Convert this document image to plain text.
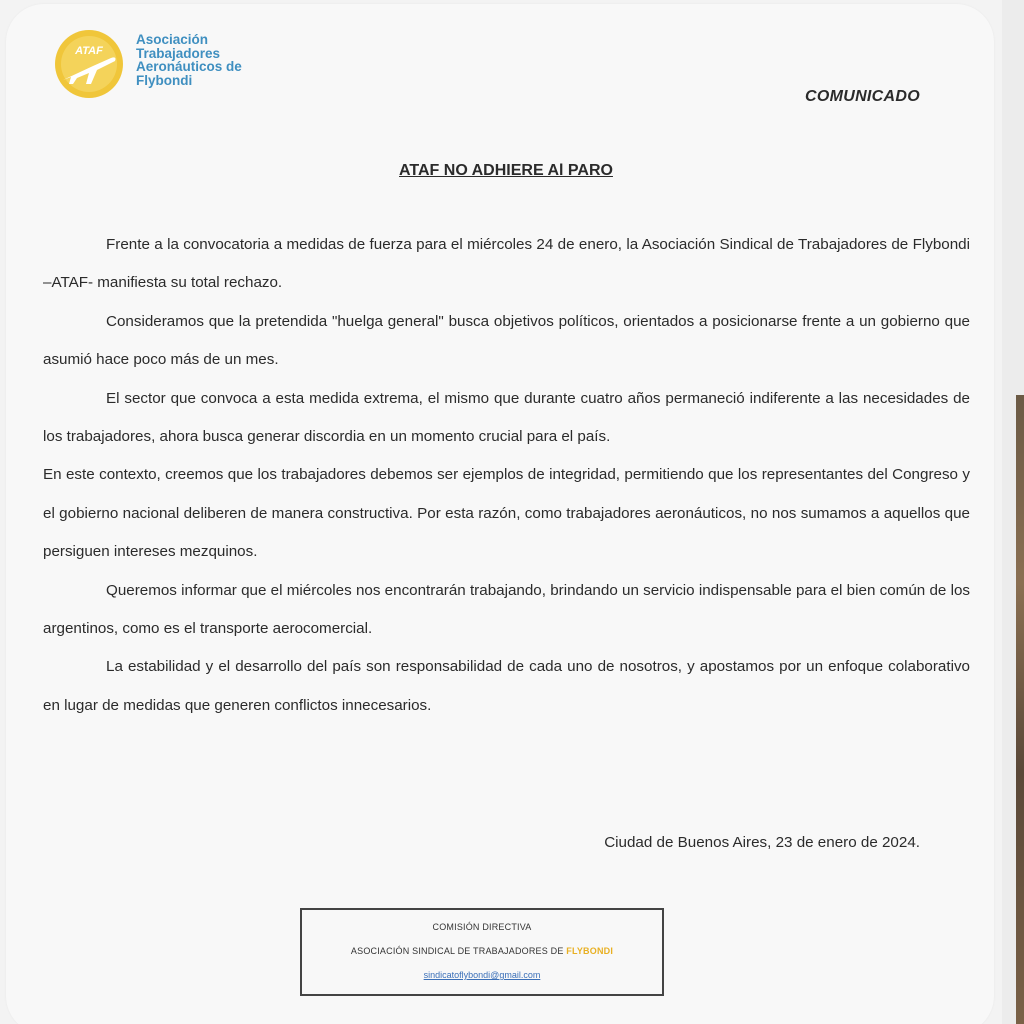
ATAF
Asociación
Trabajadores
Aeronáuticos de
Flybondi
COMUNICADO
ATAF NO ADHIERE Al PARO

Frente a la convocatoria a medidas de fuerza para el miércoles 24 de enero, la Asociación Sindical de Trabajadores de Flybondi –ATAF- manifiesta su total rechazo.

Consideramos que la pretendida "huelga general" busca objetivos políticos, orientados a posicionarse frente a un gobierno que asumió hace poco más de un mes.

El sector que convoca a esta medida extrema, el mismo que durante cuatro años permaneció indiferente a las necesidades de los trabajadores, ahora busca generar discordia en un momento crucial para el país.

En este contexto, creemos que los trabajadores debemos ser ejemplos de integridad, permitiendo que los representantes del Congreso y el gobierno nacional deliberen de manera constructiva. Por esta razón, como trabajadores aeronáuticos, no nos sumamos a aquellos que persiguen intereses mezquinos.

Queremos informar que el miércoles nos encontrarán trabajando, brindando un servicio indispensable para el bien común de los argentinos, como es el transporte aerocomercial.

La estabilidad y el desarrollo del país son responsabilidad de cada uno de nosotros, y apostamos por un enfoque colaborativo en lugar de medidas que generen conflictos innecesarios.

Ciudad de Buenos Aires, 23 de enero de 2024.
COMISIÓN DIRECTIVA
ASOCIACIÓN SINDICAL DE TRABAJADORES DE FLYBONDI
sindicatoflybondi@gmail.com
